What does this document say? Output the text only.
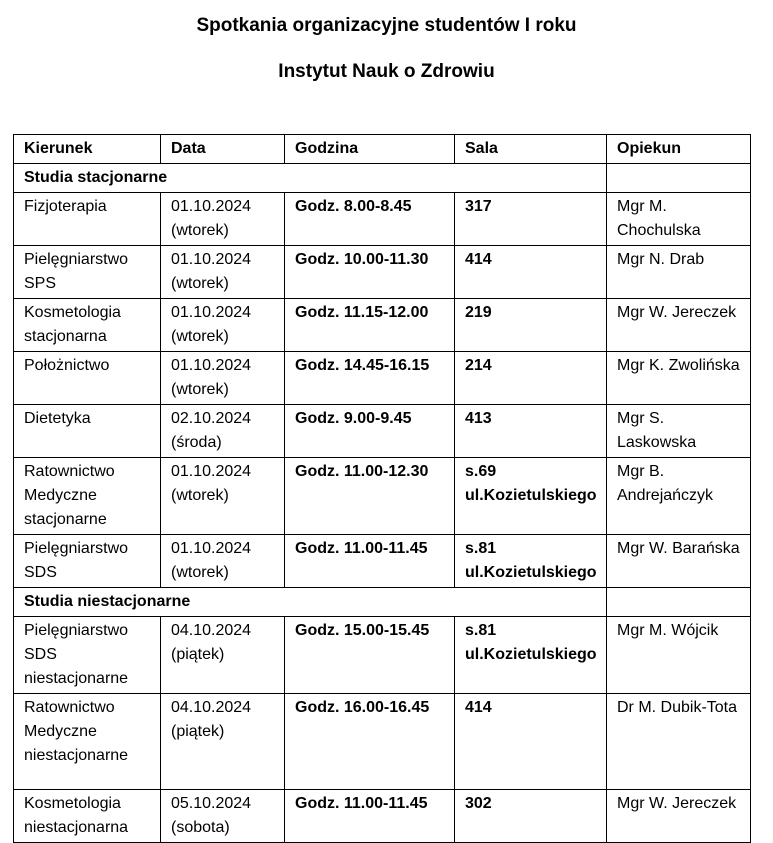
Spotkania organizacyjne studentów I roku
Instytut Nauk o Zdrowiu
Kierunek	Data	Godzina	Sala	Opiekun
Studia stacjonarne				
Fizjoterapia	01.10.2024 (wtorek)	Godz. 8.00-8.45	317	Mgr M. Chochulska
Pielęgniarstwo SPS	01.10.2024 (wtorek)	Godz. 10.00-11.30	414	Mgr N. Drab
Kosmetologia stacjonarna	01.10.2024 (wtorek)	Godz. 11.15-12.00	219	Mgr W. Jereczek
Położnictwo	01.10.2024 (wtorek)	Godz. 14.45-16.15	214	Mgr K. Zwolińska
Dietetyka	02.10.2024 (środa)	Godz. 9.00-9.45	413	Mgr S. Laskowska
Ratownictwo Medyczne stacjonarne	01.10.2024 (wtorek)	Godz. 11.00-12.30	s.69 ul.Kozietulskiego	Mgr B. Andrejańczyk
Pielęgniarstwo SDS	01.10.2024 (wtorek)	Godz. 11.00-11.45	s.81 ul.Kozietulskiego	Mgr W. Barańska
Studia niestacjonarne				
Pielęgniarstwo SDS niestacjonarne	04.10.2024 (piątek)	Godz. 15.00-15.45	s.81 ul.Kozietulskiego	Mgr M. Wójcik
Ratownictwo Medyczne niestacjonarne	04.10.2024 (piątek)	Godz. 16.00-16.45	414	Dr M. Dubik-Tota
Kosmetologia niestacjonarna	05.10.2024 (sobota)	Godz. 11.00-11.45	302	Mgr W. Jereczek
